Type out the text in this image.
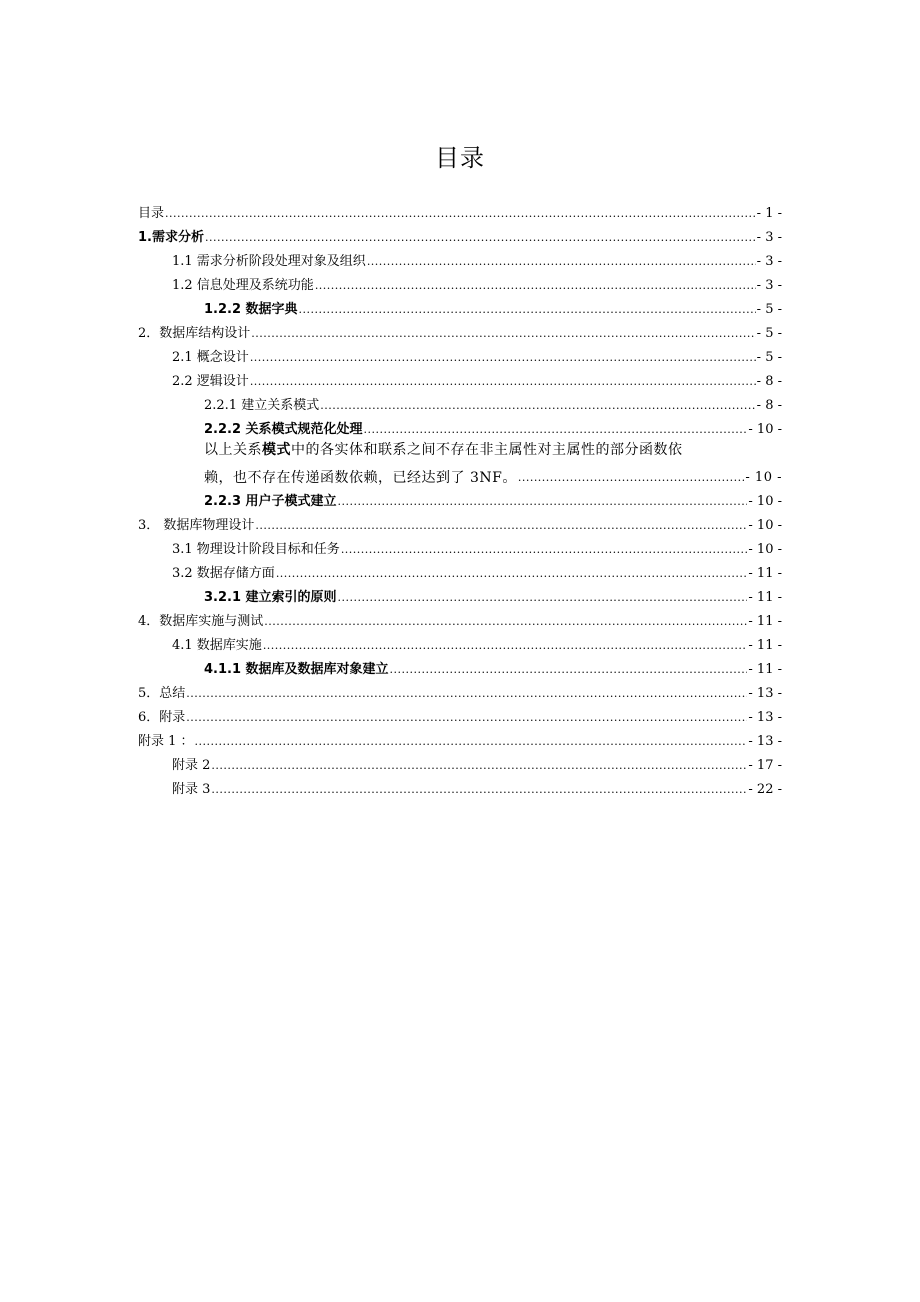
目录
目录 .....	- 1 -
1.需求分析 .....	- 3 -
1.1 需求分析阶段处理对象及组织 .....	- 3 -
1.2 信息处理及系统功能 .....	- 3 -
1.2.2 数据字典 .....	- 5 -
2．数据库结构设计 .....	- 5 -
2.1 概念设计 .....	- 5 -
2.2 逻辑设计 .....	- 8 -
2.2.1 建立关系模式 .....	- 8 -
2.2.2 关系模式规范化处理 .....	- 10 -
以上关系模式中的各实体和联系之间不存在非主属性对主属性的部分函数依
赖，也不存在传递函数依赖，已经达到了 3NF。 .....	- 10 -
2.2.3 用户子模式建立 .....	- 10 -
3． 数据库物理设计 .....	- 10 -
3.1 物理设计阶段目标和任务 .....	- 10 -
3.2 数据存储方面 .....	- 11 -
3.2.1 建立索引的原则 .....	- 11 -
4．数据库实施与测试 .....	- 11 -
4.1 数据库实施 .....	- 11 -
4.1.1 数据库及数据库对象建立 .....	- 11 -
5．总结 .....	- 13 -
6．附录 .....	- 13 -
附录 1 ： .....	- 13 -
附录 2 .....	- 17 -
附录 3 .....	- 22 -
